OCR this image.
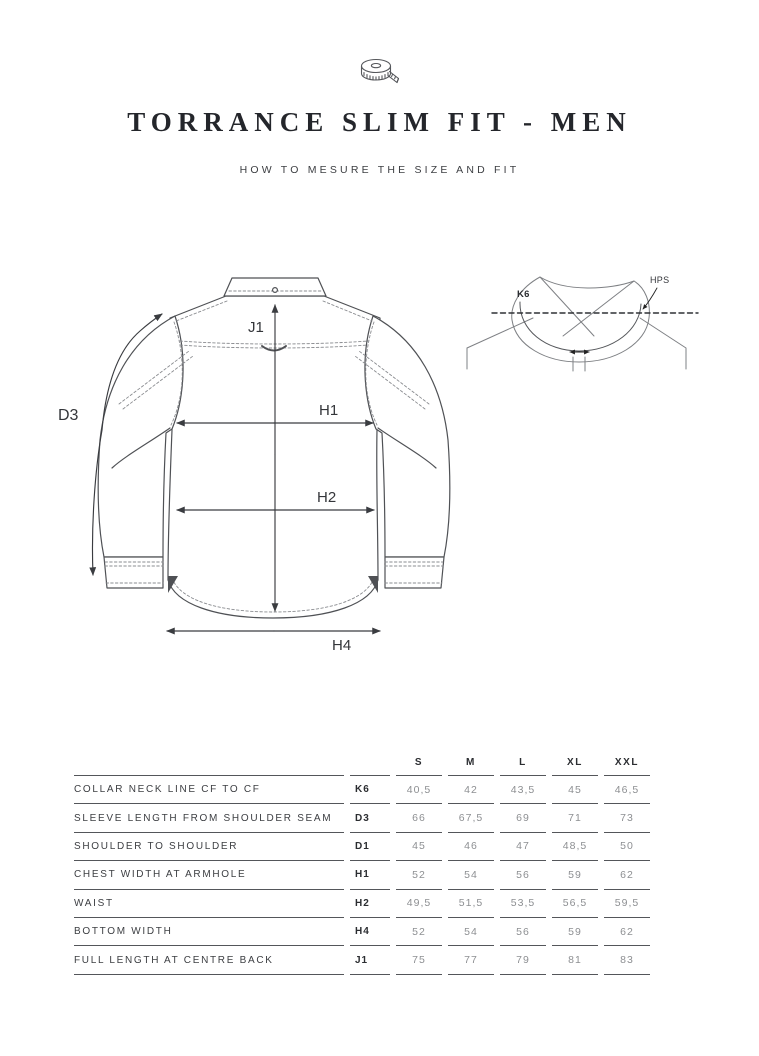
TORRANCE SLIM FIT - MEN
HOW TO MESURE THE SIZE AND FIT
J1
D3	H1
H2
H4
K6
HPS
		S	M	L	XL	XXL
COLLAR NECK LINE CF TO CF	K6	40,5	42	43,5	45	46,5
SLEEVE LENGTH FROM SHOULDER SEAM	D3	66	67,5	69	71	73
SHOULDER TO SHOULDER	D1	45	46	47	48,5	50
CHEST WIDTH AT ARMHOLE	H1	52	54	56	59	62
WAIST	H2	49,5	51,5	53,5	56,5	59,5
BOTTOM WIDTH	H4	52	54	56	59	62
FULL LENGTH AT CENTRE BACK	J1	75	77	79	81	83
